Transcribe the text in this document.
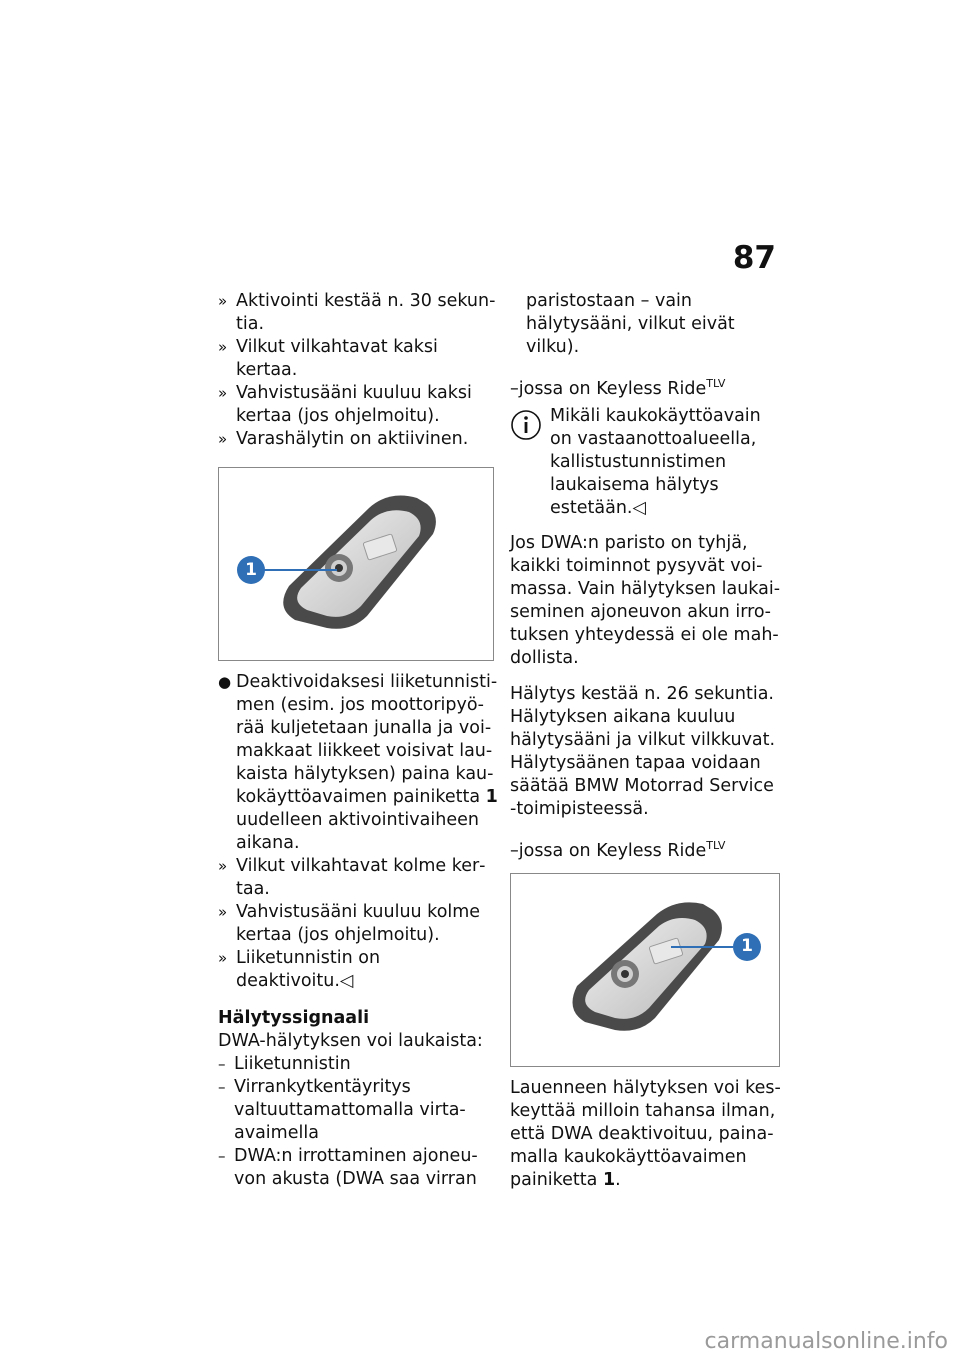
87
» Aktivointi kestää n. 30 sekuntia.
» Vilkut vilkahtavat kaksi kertaa.
» Vahvistusääni kuuluu kaksi kertaa (jos ohjelmoitu).
» Varashälytin on aktiivinen.
1
● Deaktivoidaksesi liiketunnistimen (esim. jos moottoripyörää kuljetetaan junalla ja voimakkaat liikkeet voisivat laukaista hälytyksen) paina kaukokäyttöavaimen painiketta 1 uudelleen aktivointivaiheen aikana.
» Vilkut vilkahtavat kolme kertaa.
» Vahvistusääni kuuluu kolme kertaa (jos ohjelmoitu).
» Liiketunnistin on deaktivoitu.◁
Hälytyssignaali
DWA-hälytyksen voi laukaista:
– Liiketunnistin
– Virrankytkentäyritys valtuuttamattomalla virta-avaimella
– DWA:n irrottaminen ajoneuvon akusta (DWA saa virran

paristostaan – vain hälytysääni, vilkut eivät vilku).

–jossa on Keyless Ride$^{TLV}$
Mikäli kaukokäyttöavain on vastaanottoalueella, kallistustunnistimen laukaisema hälytys estetään.◁

Jos DWA:n paristo on tyhjä, kaikki toiminnot pysyvät voimassa. Vain hälytyksen laukaiseminen ajoneuvon akun irrotuksen yhteydessä ei ole mahdollista.

Hälytys kestää n. 26 sekuntia. Hälytyksen aikana kuuluu hälytysääni ja vilkut vilkkuvat. Hälytysäänen tapaa voidaan säätää BMW Motorrad Service -toimipisteessä.

–jossa on Keyless Ride$^{TLV}$
1

Lauenneen hälytyksen voi keskeyttää milloin tahansa ilman, että DWA deaktivoituu, painamalla kaukokäyttöavaimen painiketta 1.

carmanualsonline.info
